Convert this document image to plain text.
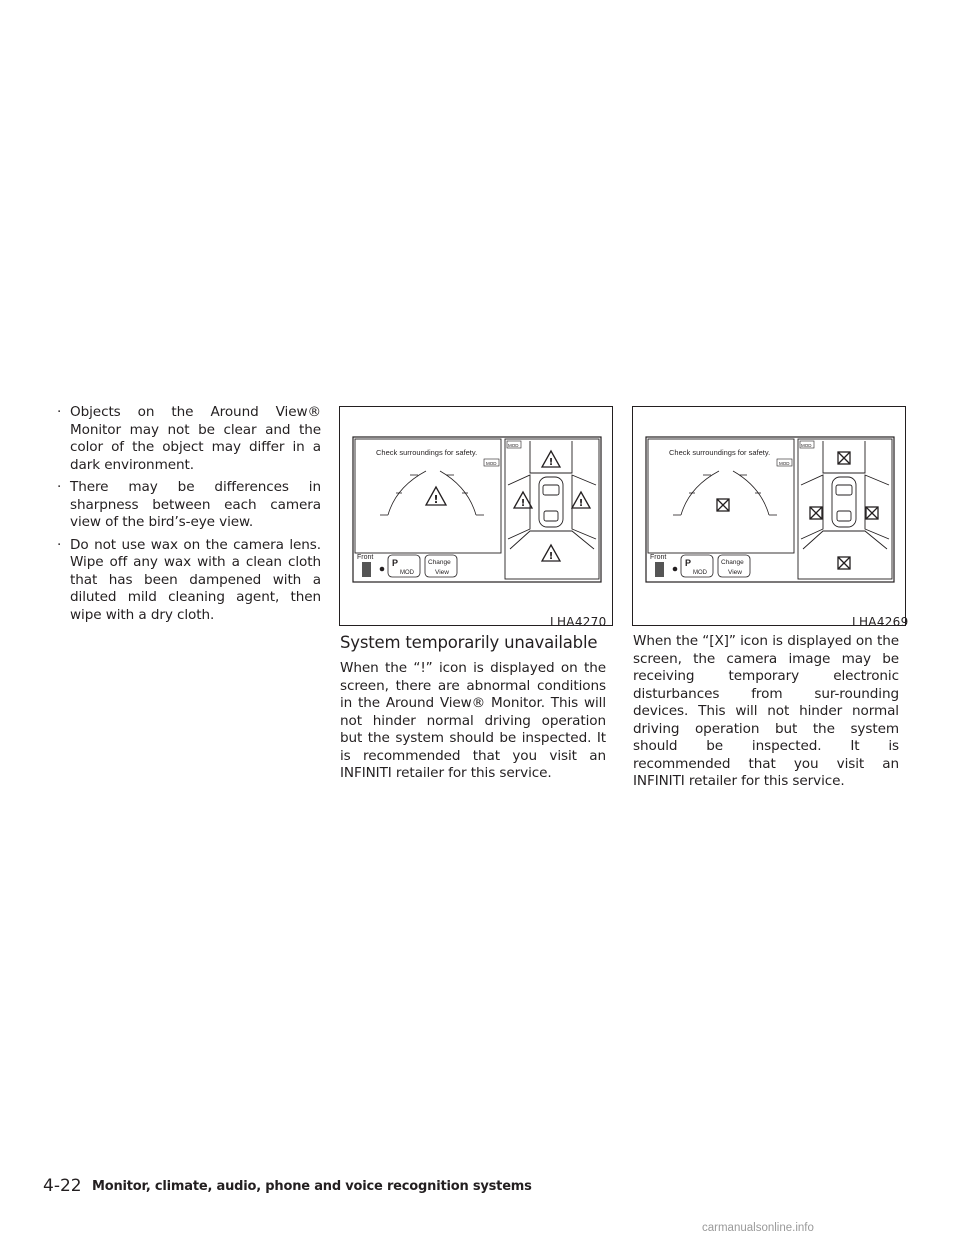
· Objects on the Around View® Monitor may not be clear and the color of the object may differ in a dark environment.
· There may be differences in sharpness between each camera view of the bird’s-eye view.
· Do not use wax on the camera lens. Wipe off any wax with a clean cloth that has been dampened with a diluted mild cleaning agent, then wipe with a dry cloth.
Check surroundings for safety.
MOD
!
Front
P
MOD
Change
View
MOD
!
!	!
!
LHA4270
Check surroundings for safety.
MOD
Front
P
MOD
Change
View
MOD
LHA4269
System temporarily unavailable
When the “!” icon is displayed on the screen, there are abnormal conditions in the Around View® Monitor. This will not hinder normal driving operation but the system should be inspected. It is recommended that you visit an INFINITI retailer for this service.
When the “[X]” icon is displayed on the screen, the camera image may be receiving temporary electronic disturbances from sur-rounding devices. This will not hinder normal driving operation but the system should be inspected. It is recommended that you visit an INFINITI retailer for this service.
4-22 Monitor, climate, audio, phone and voice recognition systems
carmanualsonline.info
